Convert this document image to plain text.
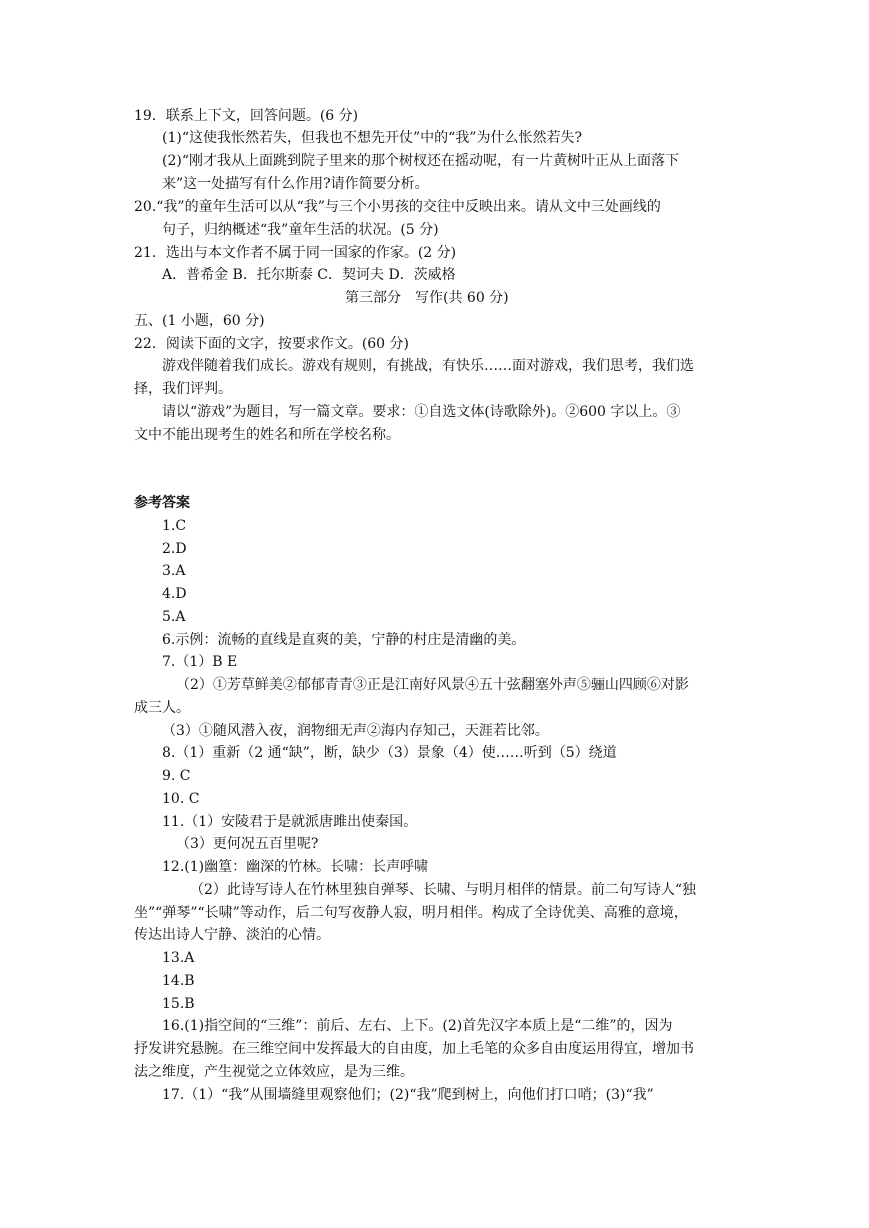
19．联系上下文，回答问题。(6 分)
(1)“这使我怅然若失，但我也不想先开仗”中的“我”为什么怅然若失?
(2)“刚才我从上面跳到院子里来的那个树杈还在摇动呢，有一片黄树叶正从上面落下
来”这一处描写有什么作用?请作简要分析。
20.“我”的童年生活可以从“我”与三个小男孩的交往中反映出来。请从文中三处画线的
句子，归纳概述“我”童年生活的状况。(5 分)
21．选出与本文作者不属于同一国家的作家。(2 分)
A．普希金 B．托尔斯泰 C．契诃夫 D．茨威格
第三部分　写作(共 60 分)
五、(1 小题，60 分)
22．阅读下面的文字，按要求作文。(60 分)
游戏伴随着我们成长。游戏有规则，有挑战，有快乐……面对游戏，我们思考，我们选
择，我们评判。
请以“游戏”为题目，写一篇文章。要求：①自选文体(诗歌除外)。②600 字以上。③
文中不能出现考生的姓名和所在学校名称。
参考答案
1.C
2.D
3.A
4.D
5.A
6.示例：流畅的直线是直爽的美，宁静的村庄是清幽的美。
7.（1）B E
（2）①芳草鲜美②郁郁青青③正是江南好风景④五十弦翻塞外声⑤骊山四顾⑥对影
成三人。
（3）①随风潜入夜，润物细无声②海内存知己，天涯若比邻。
8.（1）重新（2 通“缺”，断，缺少（3）景象（4）使……听到（5）绕道
9. C
10. C
11.（1）安陵君于是就派唐雎出使秦国。
（3）更何况五百里呢?
12.(1)幽篁：幽深的竹林。长啸：长声呼啸
（2）此诗写诗人在竹林里独自弹琴、长啸、与明月相伴的情景。前二句写诗人“独
坐”“弹琴”“长啸”等动作，后二句写夜静人寂，明月相伴。构成了全诗优美、高雅的意境，
传达出诗人宁静、淡泊的心情。
13.A
14.B
15.B
16.(1)指空间的“三维”：前后、左右、上下。(2)首先汉字本质上是“二维”的，因为
抒发讲究悬腕。在三维空间中发挥最大的自由度，加上毛笔的众多自由度运用得宜，增加书
法之维度，产生视觉之立体效应，是为三维。
17.（1）“我”从围墙缝里观察他们；(2)“我”爬到树上，向他们打口哨；(3)“我”
